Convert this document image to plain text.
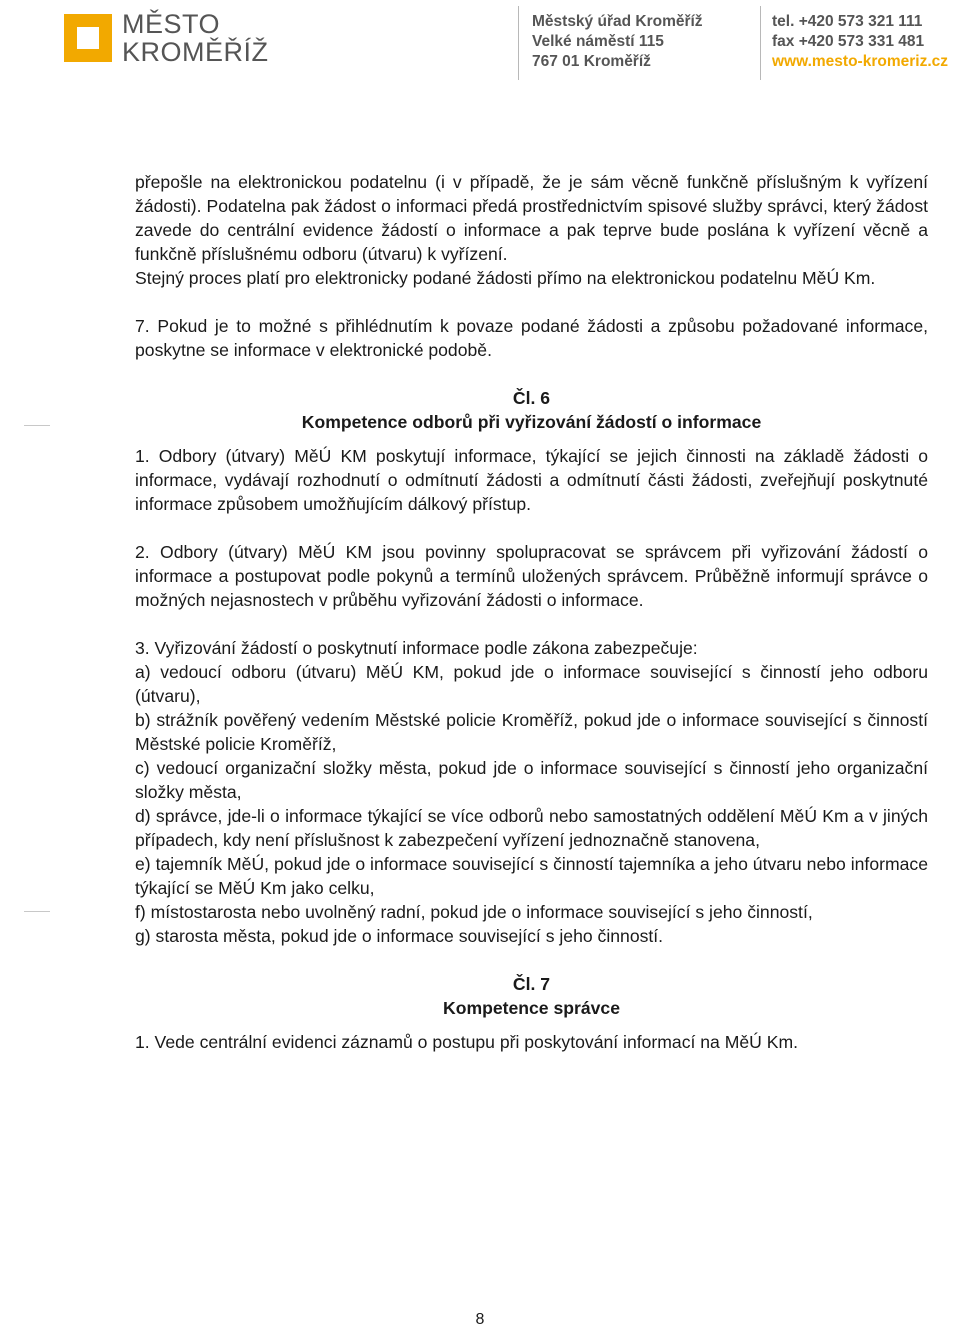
MĚSTO
KROMĚŘÍŽ
Městský úřad Kroměříž
Velké náměstí 115
767 01 Kroměříž
tel. +420 573 321 111
fax +420 573 331 481
www.mesto-kromeriz.cz

přepošle na elektronickou podatelnu (i v případě, že je sám věcně funkčně příslušným k vyřízení žádosti). Podatelna pak žádost o informaci předá prostřednictvím spisové služby správci, který žádost zavede do centrální evidence žádostí o informace a pak teprve bude poslána k vyřízení věcně a funkčně příslušnému odboru (útvaru) k vyřízení.

Stejný proces platí pro elektronicky podané žádosti přímo na elektronickou podatelnu MěÚ Km.

7. Pokud je to možné s přihlédnutím k povaze podané žádosti a způsobu požadované informace, poskytne se informace v elektronické podobě.

Čl. 6

Kompetence odborů při vyřizování žádostí o informace

1. Odbory (útvary) MěÚ KM poskytují informace, týkající se jejich činnosti na základě žádosti o informace, vydávají rozhodnutí o odmítnutí žádosti a odmítnutí části žádosti, zveřejňují poskytnuté informace způsobem umožňujícím dálkový přístup.

2. Odbory (útvary) MěÚ KM jsou povinny spolupracovat se správcem při vyřizování žádostí o informace a postupovat podle pokynů a termínů uložených správcem. Průběžně informují správce o možných nejasnostech v průběhu vyřizování žádosti o informace.

3. Vyřizování žádostí o poskytnutí informace podle zákona zabezpečuje:

a) vedoucí odboru (útvaru) MěÚ KM, pokud jde o informace související s činností jeho odboru (útvaru),

b) strážník pověřený vedením Městské policie Kroměříž, pokud jde o informace související s činností Městské policie Kroměříž,

c) vedoucí organizační složky města, pokud jde o informace související s činností jeho organizační složky města,

d) správce, jde-li o informace týkající se více odborů nebo samostatných oddělení MěÚ Km a v jiných případech, kdy není příslušnost k zabezpečení vyřízení jednoznačně stanovena,

e) tajemník MěÚ, pokud jde o informace související s činností tajemníka a jeho útvaru nebo informace týkající se MěÚ Km jako celku,

f) místostarosta nebo uvolněný radní, pokud jde o informace související s jeho činností,

g) starosta města, pokud jde o informace související s jeho činností.

Čl. 7

Kompetence správce

1. Vede centrální evidenci záznamů o postupu při poskytování informací na MěÚ Km.

8
